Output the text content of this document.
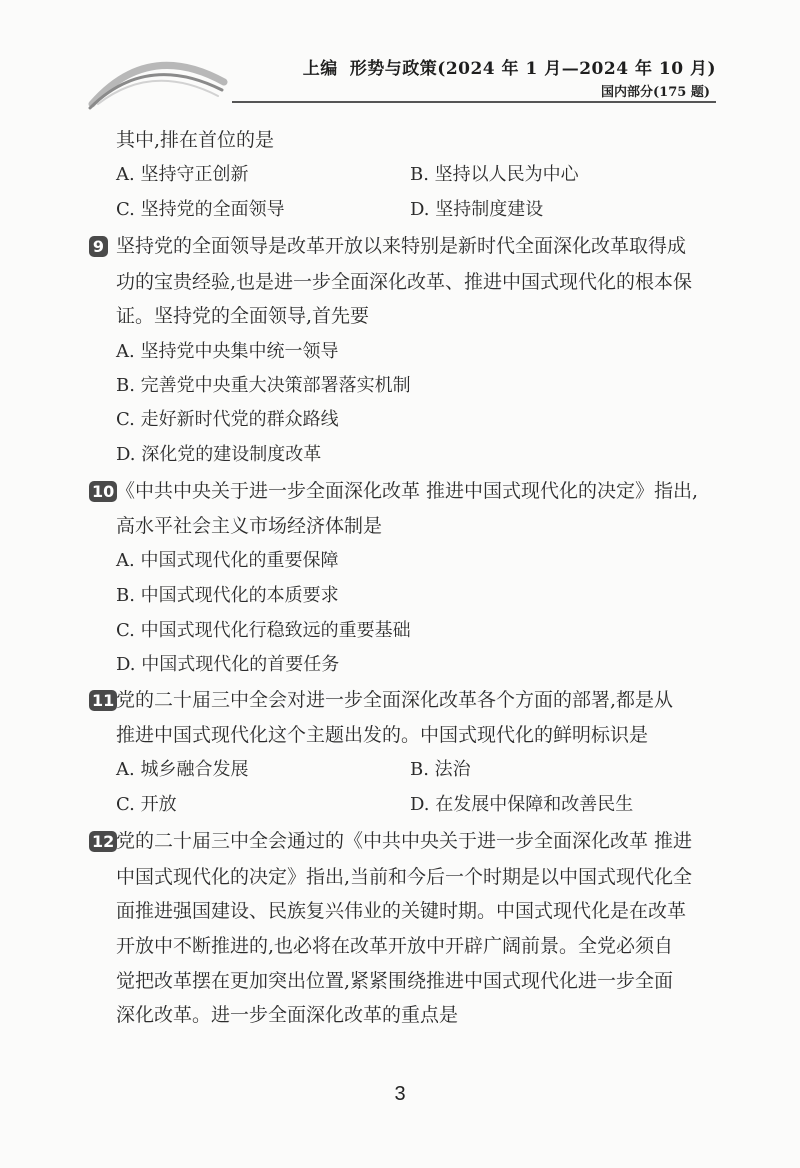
上编 形势与政策(2024 年 1 月—2024 年 10 月)
国内部分(175 题)
其中,排在首位的是
A. 坚持守正创新	B. 坚持以人民为中心
C. 坚持党的全面领导	D. 坚持制度建设
9 坚持党的全面领导是改革开放以来特别是新时代全面深化改革取得成
功的宝贵经验,也是进一步全面深化改革、推进中国式现代化的根本保
证。坚持党的全面领导,首先要
A. 坚持党中央集中统一领导
B. 完善党中央重大决策部署落实机制
C. 走好新时代党的群众路线
D. 深化党的建设制度改革
10 《中共中央关于进一步全面深化改革 推进中国式现代化的决定》指出,
高水平社会主义市场经济体制是
A. 中国式现代化的重要保障
B. 中国式现代化的本质要求
C. 中国式现代化行稳致远的重要基础
D. 中国式现代化的首要任务
11 党的二十届三中全会对进一步全面深化改革各个方面的部署,都是从
推进中国式现代化这个主题出发的。中国式现代化的鲜明标识是
A. 城乡融合发展	B. 法治
C. 开放	D. 在发展中保障和改善民生
12 党的二十届三中全会通过的《中共中央关于进一步全面深化改革 推进
中国式现代化的决定》指出,当前和今后一个时期是以中国式现代化全
面推进强国建设、民族复兴伟业的关键时期。中国式现代化是在改革
开放中不断推进的,也必将在改革开放中开辟广阔前景。全党必须自
觉把改革摆在更加突出位置,紧紧围绕推进中国式现代化进一步全面
深化改革。进一步全面深化改革的重点是
3
